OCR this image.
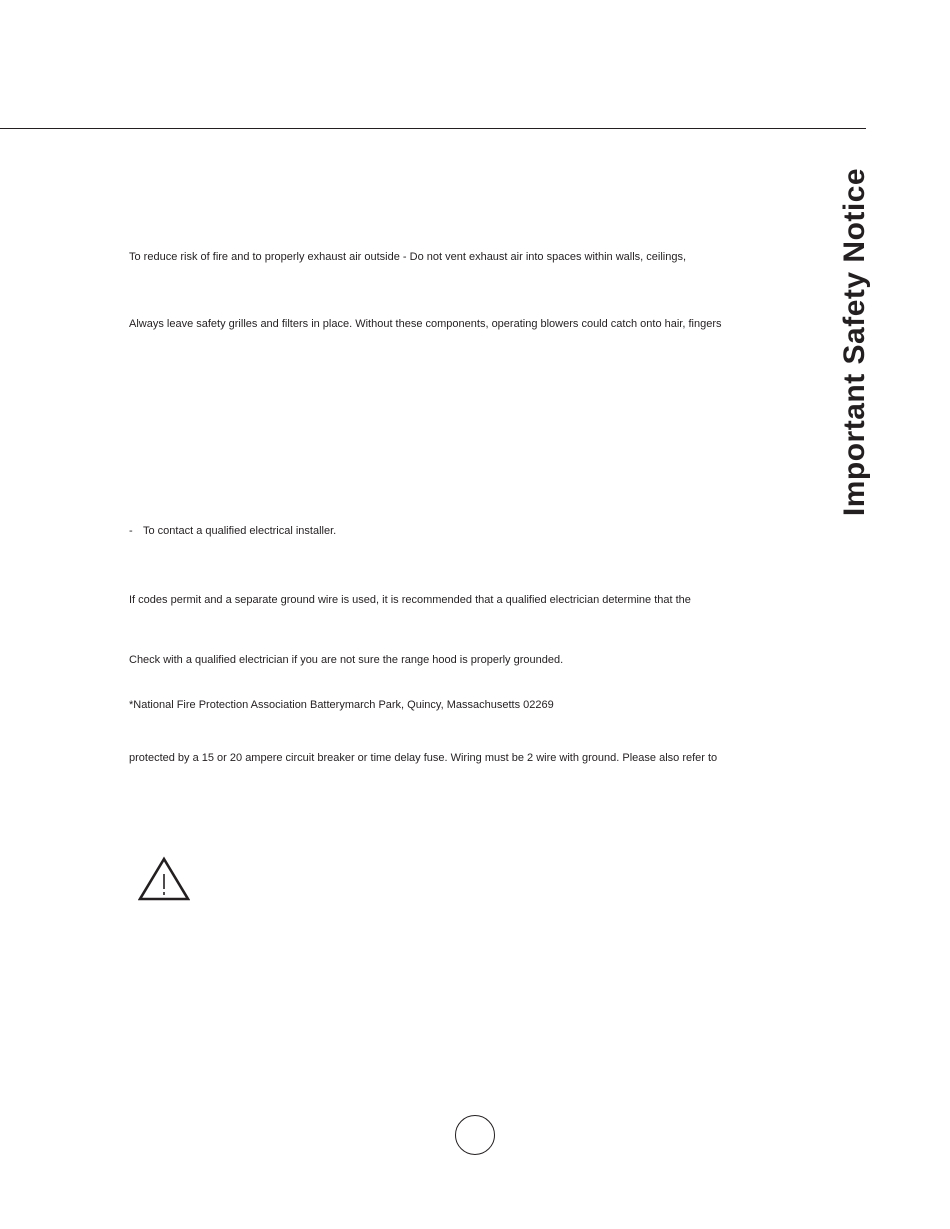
Important Safety Notice
To reduce risk of fire and to properly exhaust air outside - Do not vent exhaust air into spaces within walls, ceilings,
Always leave safety grilles and filters in place. Without these components, operating blowers could catch onto hair, fingers
- To contact a qualified electrical installer.
If codes permit and a separate ground wire is used, it is recommended that a qualified electrician determine that the
Check with a qualified electrician if you are not sure the range hood is properly grounded.
*National Fire Protection Association Batterymarch Park, Quincy, Massachusetts 02269
protected by a 15 or 20 ampere circuit breaker or time delay fuse. Wiring must be 2 wire with ground. Please also refer to
